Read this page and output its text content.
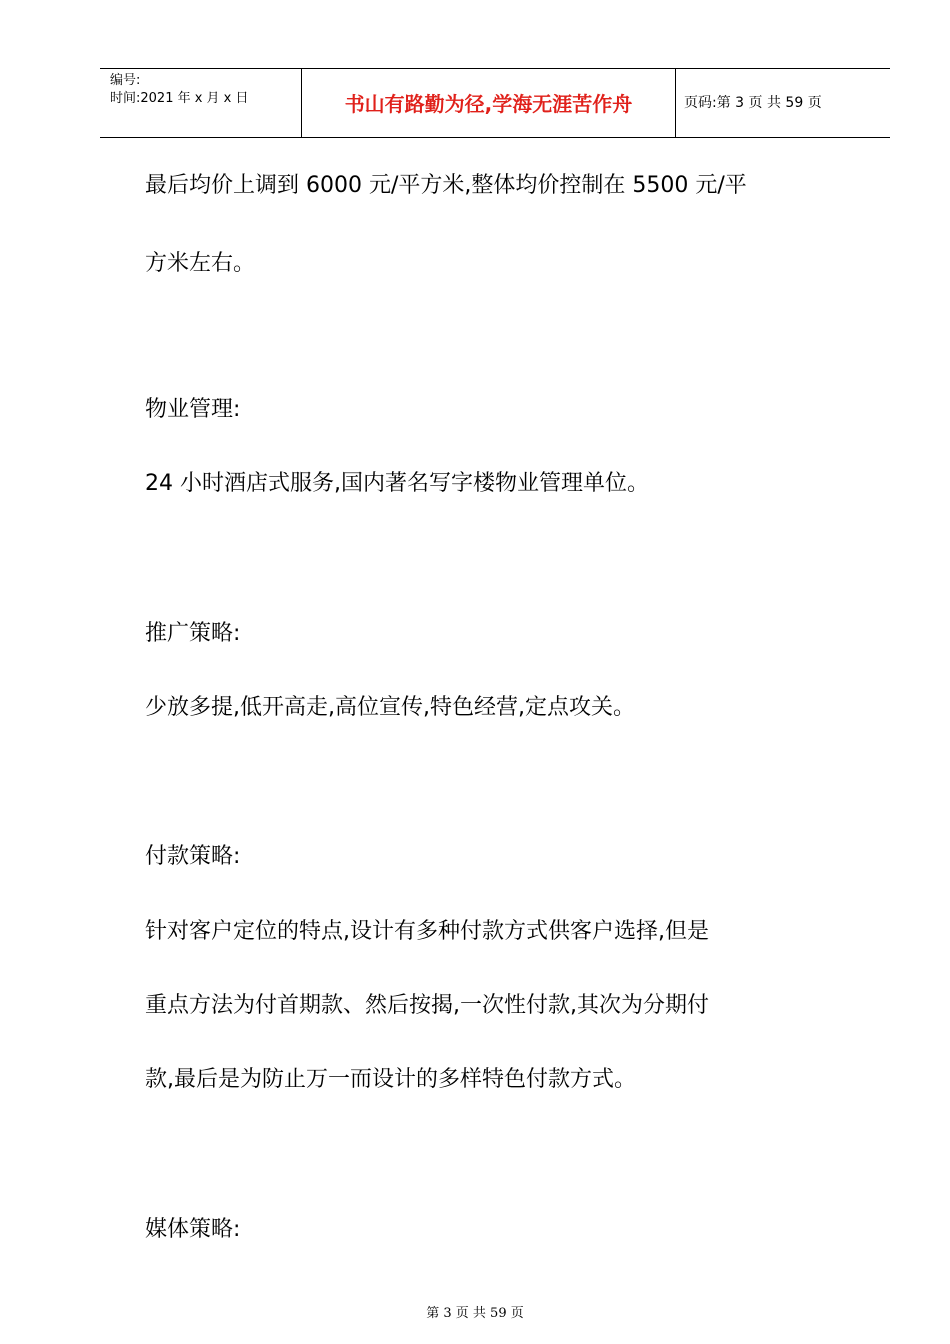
编号:
时间:2021 年 x 月 x 日	书山有路勤为径,学海无涯苦作舟	页码:第 3 页 共 59 页
最后均价上调到 6000 元/平方米,整体均价控制在 5500 元/平
方米左右。
物业管理:
24 小时酒店式服务,国内著名写字楼物业管理单位。
推广策略:
少放多提,低开高走,高位宣传,特色经营,定点攻关。
付款策略:
针对客户定位的特点,设计有多种付款方式供客户选择,但是
重点方法为付首期款、然后按揭,一次性付款,其次为分期付
款,最后是为防止万一而设计的多样特色付款方式。
媒体策略:
第 3 页 共 59 页
